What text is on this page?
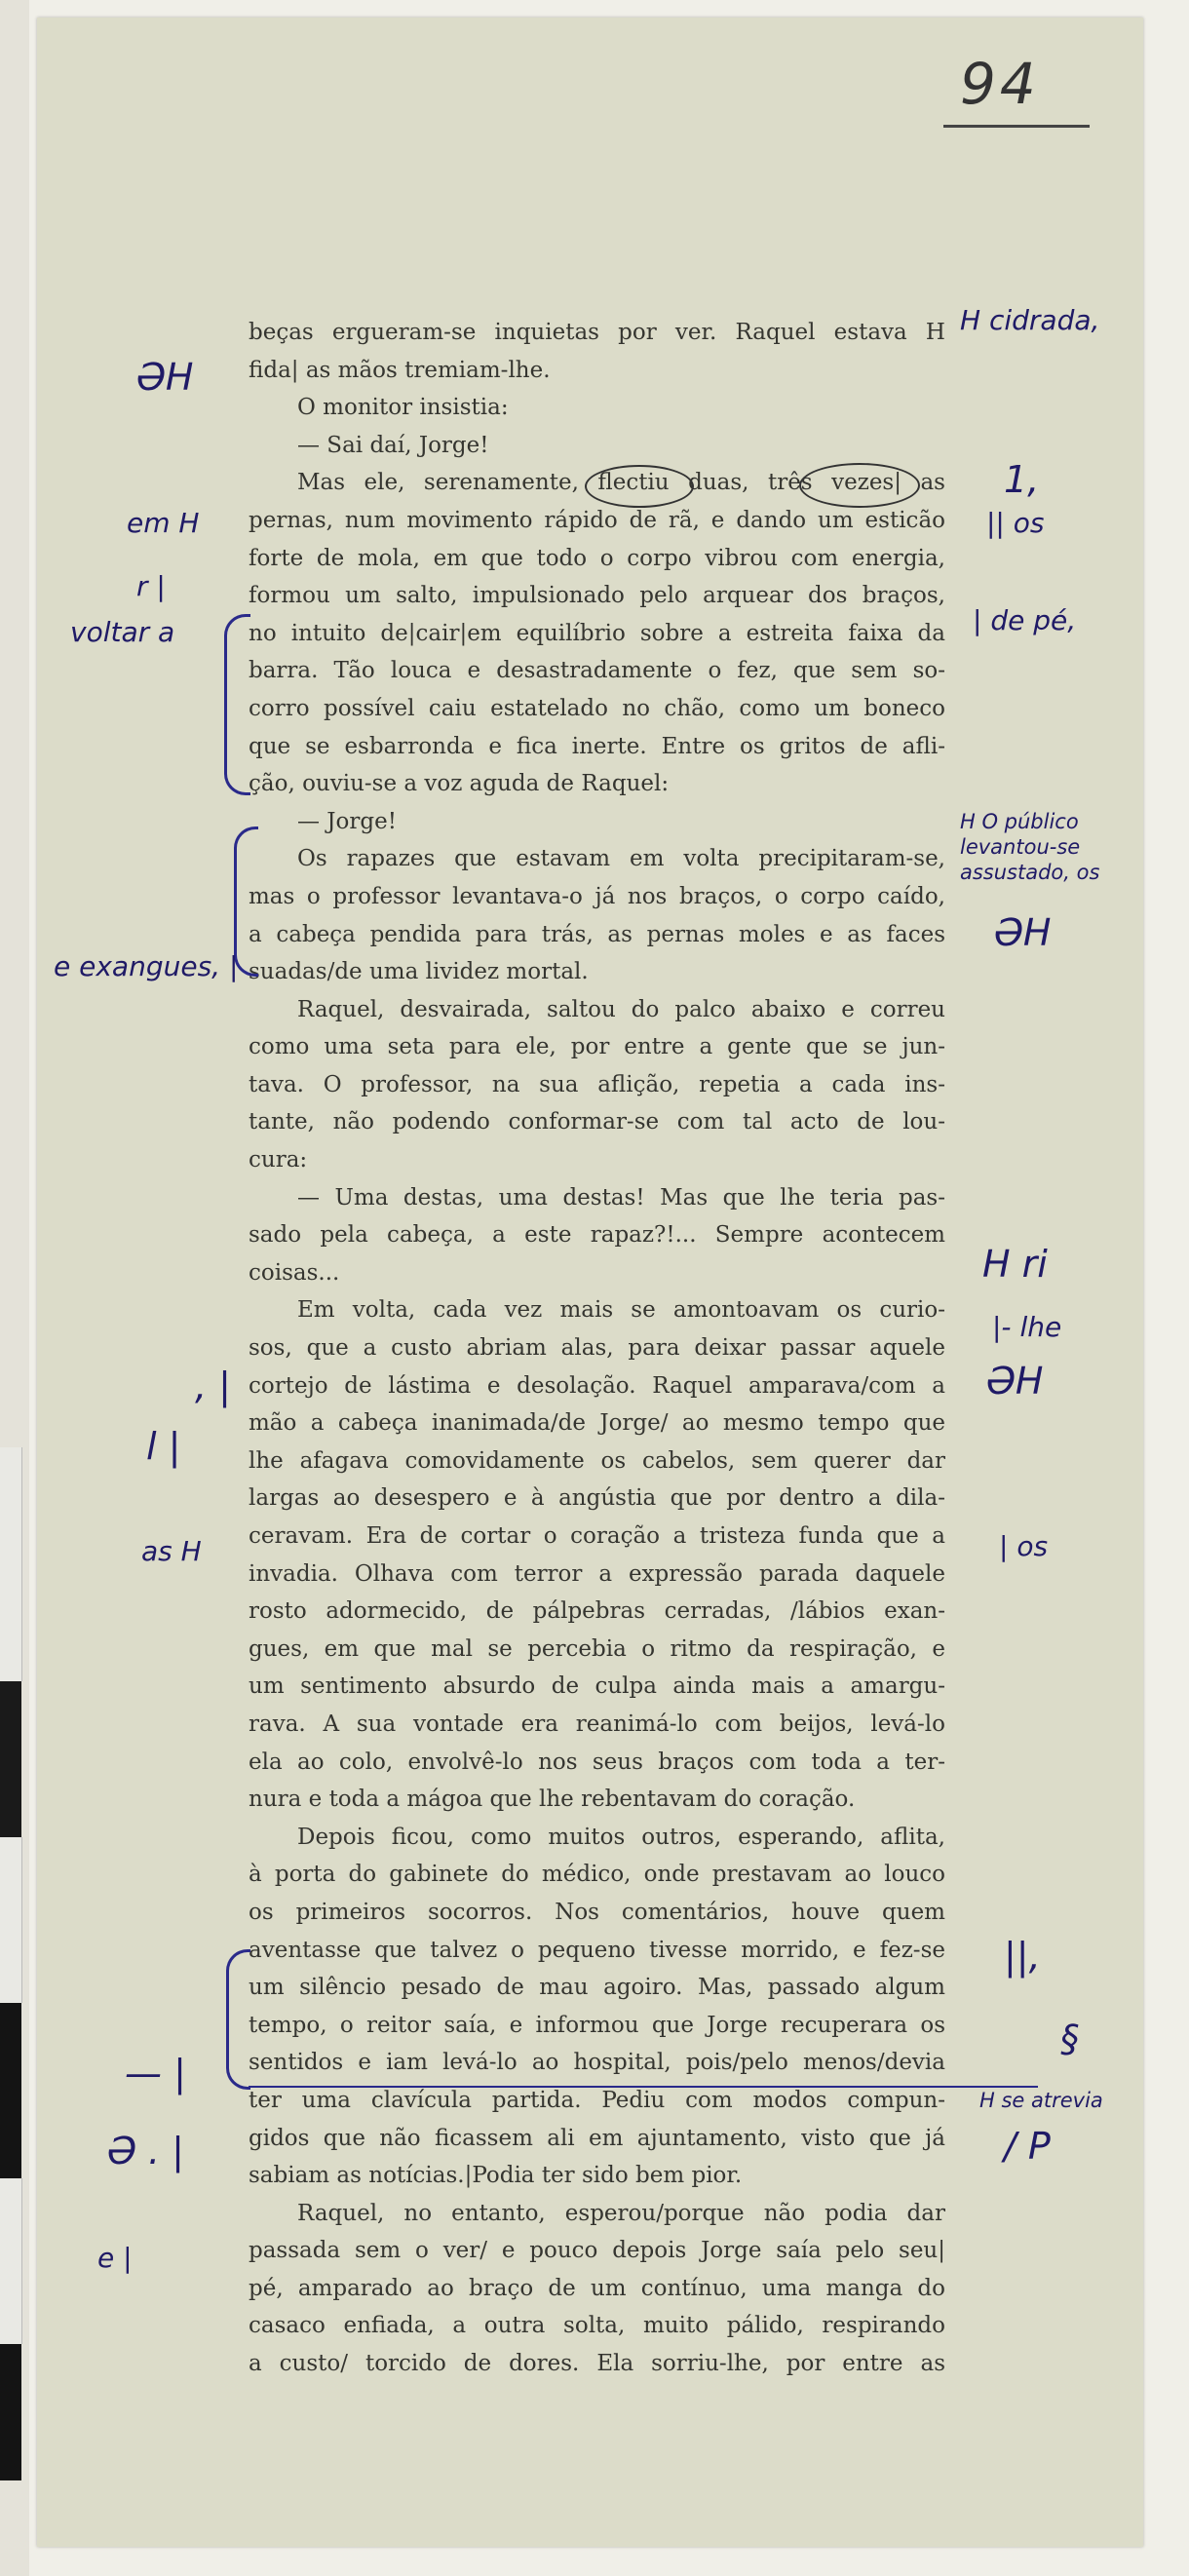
94
beças ergueram-se inquietas por ver. Raquel estava H
fida| as mãos tremiam-lhe.
O monitor insistia:
— Sai daí, Jorge!
Mas ele, serenamente, flectiu duas, três vezes| as
pernas, num movimento rápido de rã, e dando um esticão
forte de mola, em que todo o corpo vibrou com energia,
formou um salto, impulsionado pelo arquear dos braços,
no intuito de|cair|em equilíbrio sobre a estreita faixa da
barra. Tão louca e desastradamente o fez, que sem so-
corro possível caiu estatelado no chão, como um boneco
que se esbarronda e fica inerte. Entre os gritos de afli-
ção, ouviu-se a voz aguda de Raquel:
— Jorge!
Os rapazes que estavam em volta precipitaram-se,
mas o professor levantava-o já nos braços, o corpo caído,
a cabeça pendida para trás, as pernas moles e as faces
suadas/de uma lividez mortal.
Raquel, desvairada, saltou do palco abaixo e correu
como uma seta para ele, por entre a gente que se jun-
tava. O professor, na sua aflição, repetia a cada ins-
tante, não podendo conformar-se com tal acto de lou-
cura:
— Uma destas, uma destas! Mas que lhe teria pas-
sado pela cabeça, a este rapaz?!... Sempre acontecem
coisas...
Em volta, cada vez mais se amontoavam os curio-
sos, que a custo abriam alas, para deixar passar aquele
cortejo de lástima e desolação. Raquel amparava/com a
mão a cabeça inanimada/de Jorge/ ao mesmo tempo que
lhe afagava comovidamente os cabelos, sem querer dar
largas ao desespero e à angústia que por dentro a dila-
ceravam. Era de cortar o coração a tristeza funda que a
invadia. Olhava com terror a expressão parada daquele
rosto adormecido, de pálpebras cerradas, /lábios exan-
gues, em que mal se percebia o ritmo da respiração, e
um sentimento absurdo de culpa ainda mais a amargu-
rava. A sua vontade era reanimá-lo com beijos, levá-lo
ela ao colo, envolvê-lo nos seus braços com toda a ter-
nura e toda a mágoa que lhe rebentavam do coração.
Depois ficou, como muitos outros, esperando, aflita,
à porta do gabinete do médico, onde prestavam ao louco
os primeiros socorros. Nos comentários, houve quem
aventasse que talvez o pequeno tivesse morrido, e fez-se
um silêncio pesado de mau agoiro. Mas, passado algum
tempo, o reitor saía, e informou que Jorge recuperara os
sentidos e iam levá-lo ao hospital, pois/pelo menos/devia
ter uma clavícula partida. Pediu com modos compun-
gidos que não ficassem ali em ajuntamento, visto que já
sabiam as notícias.|Podia ter sido bem pior.
Raquel, no entanto, esperou/porque não podia dar
passada sem o ver/ e pouco depois Jorge saía pelo seu|
pé, amparado ao braço de um contínuo, uma manga do
casaco enfiada, a outra solta, muito pálido, respirando
a custo/ torcido de dores. Ela sorriu-lhe, por entre as
H cidrada,
1,
|| os
| de pé,
H O público
levantou-se
assustado, os
ƏH
H ri
|- lhe
ƏH
| os
||,
§
H se atrevia
/ P
ƏH
em H
r |
voltar a
e exangues, |
, |
l |
as H
— |
Ə . |
e |
